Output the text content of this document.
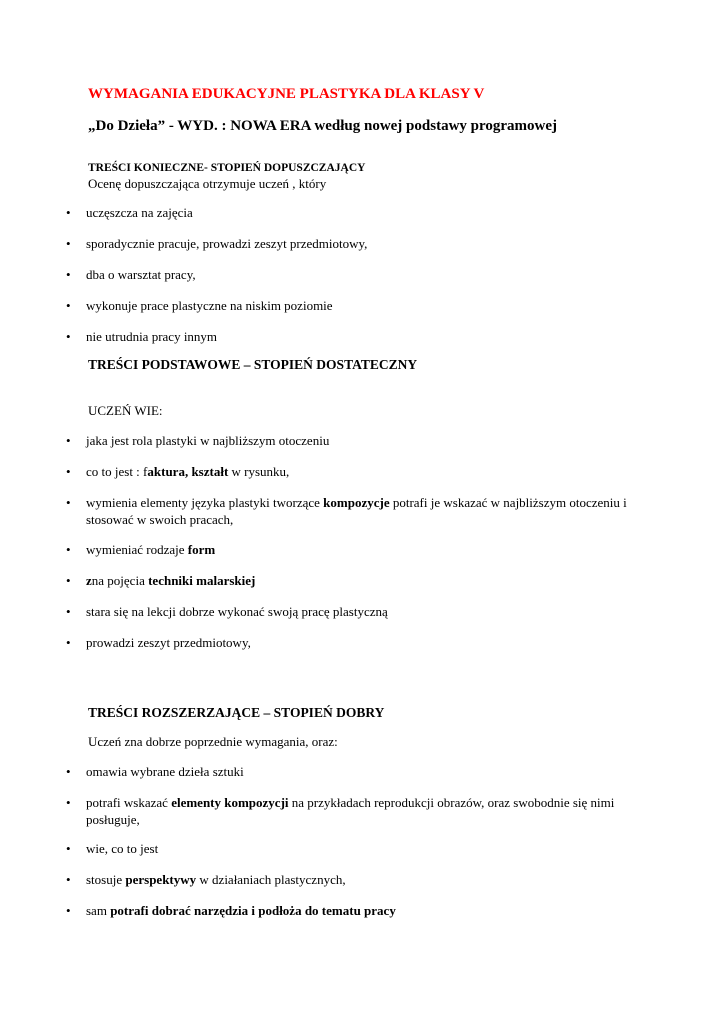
WYMAGANIA EDUKACYJNE PLASTYKA DLA KLASY V
„Do Dzieła” - WYD. : NOWA ERA według nowej podstawy programowej
TREŚCI KONIECZNE- STOPIEŃ DOPUSZCZAJĄCY
Ocenę dopuszczająca otrzymuje uczeń , który
TREŚCI PODSTAWOWE – STOPIEŃ DOSTATECZNY
UCZEŃ WIE:
TREŚCI ROZSZERZAJĄCE – STOPIEŃ DOBRY
Uczeń zna dobrze poprzednie wymagania, oraz:
• uczęszcza na zajęcia
• sporadycznie pracuje, prowadzi zeszyt przedmiotowy,
• dba o warsztat pracy,
• wykonuje prace plastyczne na niskim poziomie
• nie utrudnia pracy innym
• jaka jest rola plastyki w najbliższym otoczeniu
• co to jest : faktura, kształt w rysunku,
• wymienia elementy języka plastyki tworzące kompozycje potrafi je wskazać w najbliższym otoczeniu i stosować w swoich pracach,
• wymieniać rodzaje form
• zna pojęcia techniki malarskiej
• stara się na lekcji dobrze wykonać swoją pracę plastyczną
• prowadzi zeszyt przedmiotowy,
• omawia wybrane dzieła sztuki
• potrafi wskazać elementy kompozycji na przykładach reprodukcji obrazów, oraz swobodnie się nimi posługuje,
• wie, co to jest
• stosuje perspektywy w działaniach plastycznych,
• sam potrafi dobrać narzędzia i podłoża do tematu pracy
